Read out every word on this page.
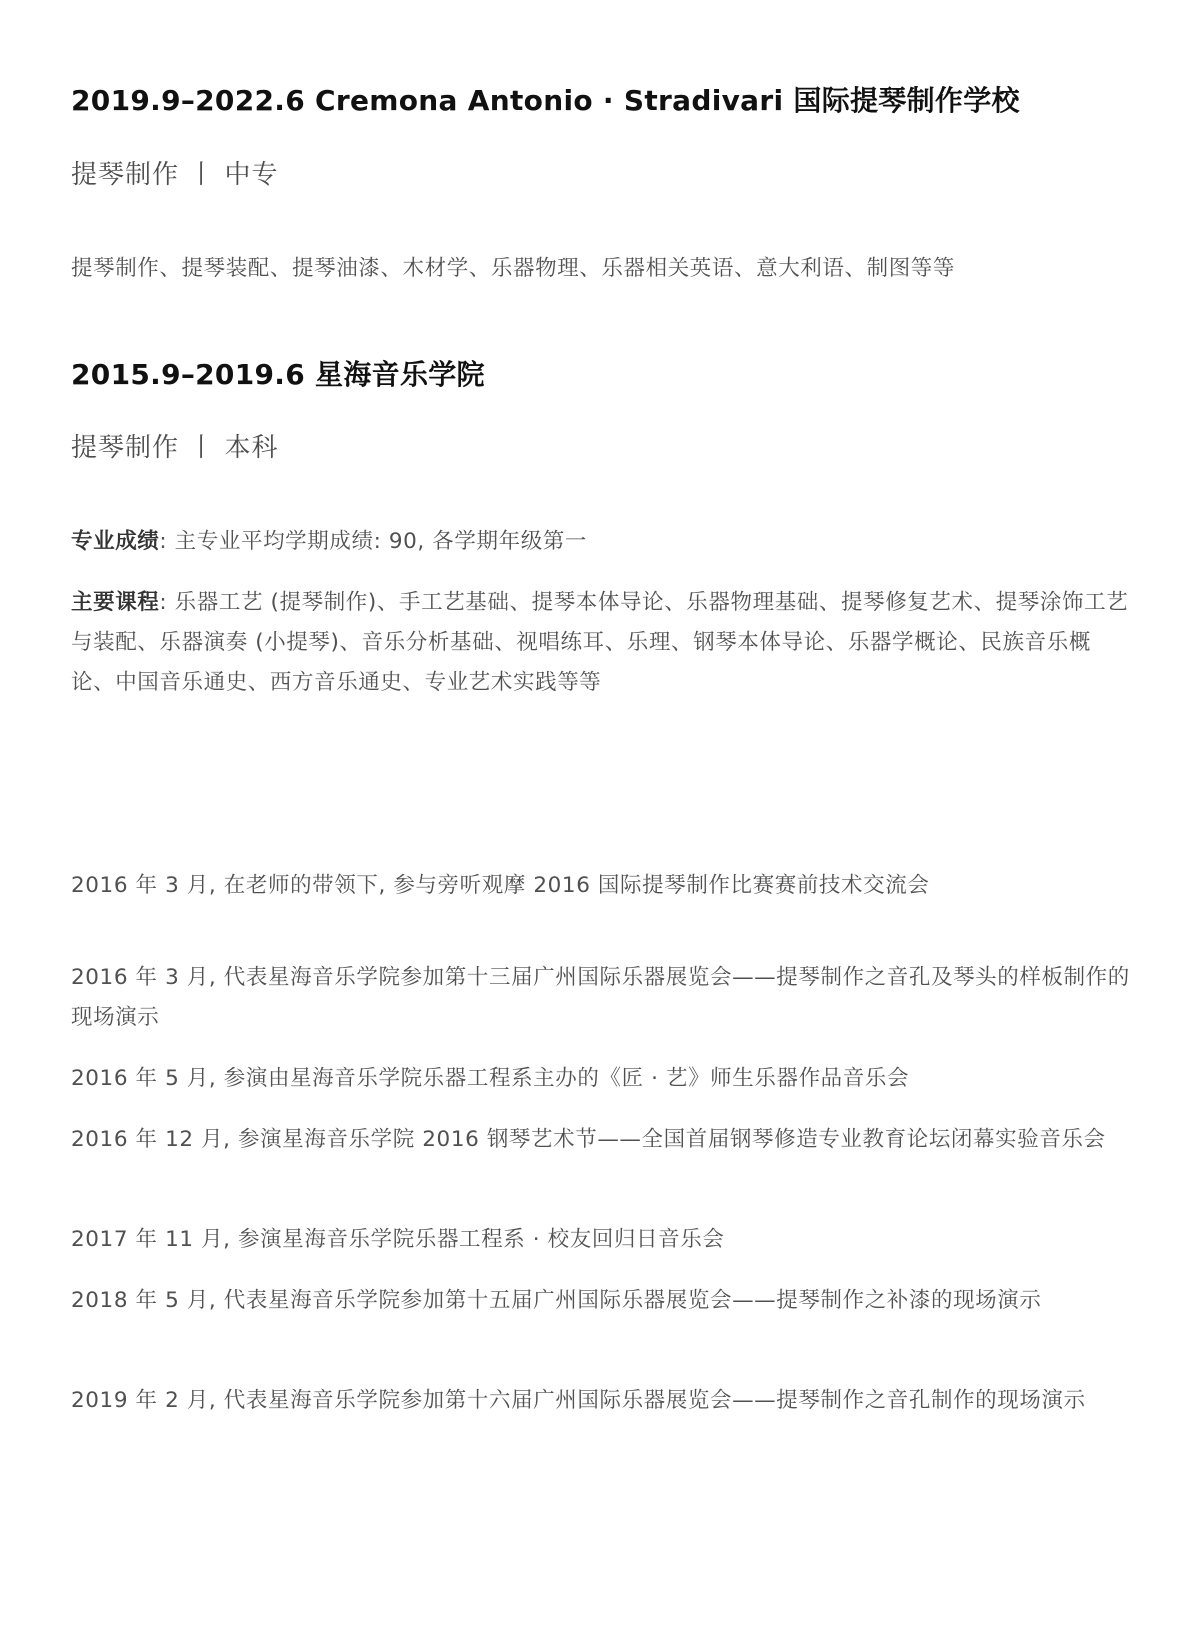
2019.9–2022.6 Cremona Antonio · Stradivari 国际提琴制作学校
提琴制作 丨 中专
提琴制作、提琴装配、提琴油漆、木材学、乐器物理、乐器相关英语、意大利语、制图等等
2015.9–2019.6 星海音乐学院
提琴制作 丨 本科
专业成绩: 主专业平均学期成绩: 90, 各学期年级第一
主要课程: 乐器工艺 (提琴制作)、手工艺基础、提琴本体导论、乐器物理基础、提琴修复艺术、提琴涂饰工艺与装配、乐器演奏 (小提琴)、音乐分析基础、视唱练耳、乐理、钢琴本体导论、乐器学概论、民族音乐概论、中国音乐通史、西方音乐通史、专业艺术实践等等
2016 年 3 月, 在老师的带领下, 参与旁听观摩 2016 国际提琴制作比赛赛前技术交流会
2016 年 3 月, 代表星海音乐学院参加第十三届广州国际乐器展览会——提琴制作之音孔及琴头的样板制作的现场演示
2016 年 5 月, 参演由星海音乐学院乐器工程系主办的《匠 · 艺》师生乐器作品音乐会
2016 年 12 月, 参演星海音乐学院 2016 钢琴艺术节——全国首届钢琴修造专业教育论坛闭幕实验音乐会
2017 年 11 月, 参演星海音乐学院乐器工程系 · 校友回归日音乐会
2018 年 5 月, 代表星海音乐学院参加第十五届广州国际乐器展览会——提琴制作之补漆的现场演示
2019 年 2 月, 代表星海音乐学院参加第十六届广州国际乐器展览会——提琴制作之音孔制作的现场演示
